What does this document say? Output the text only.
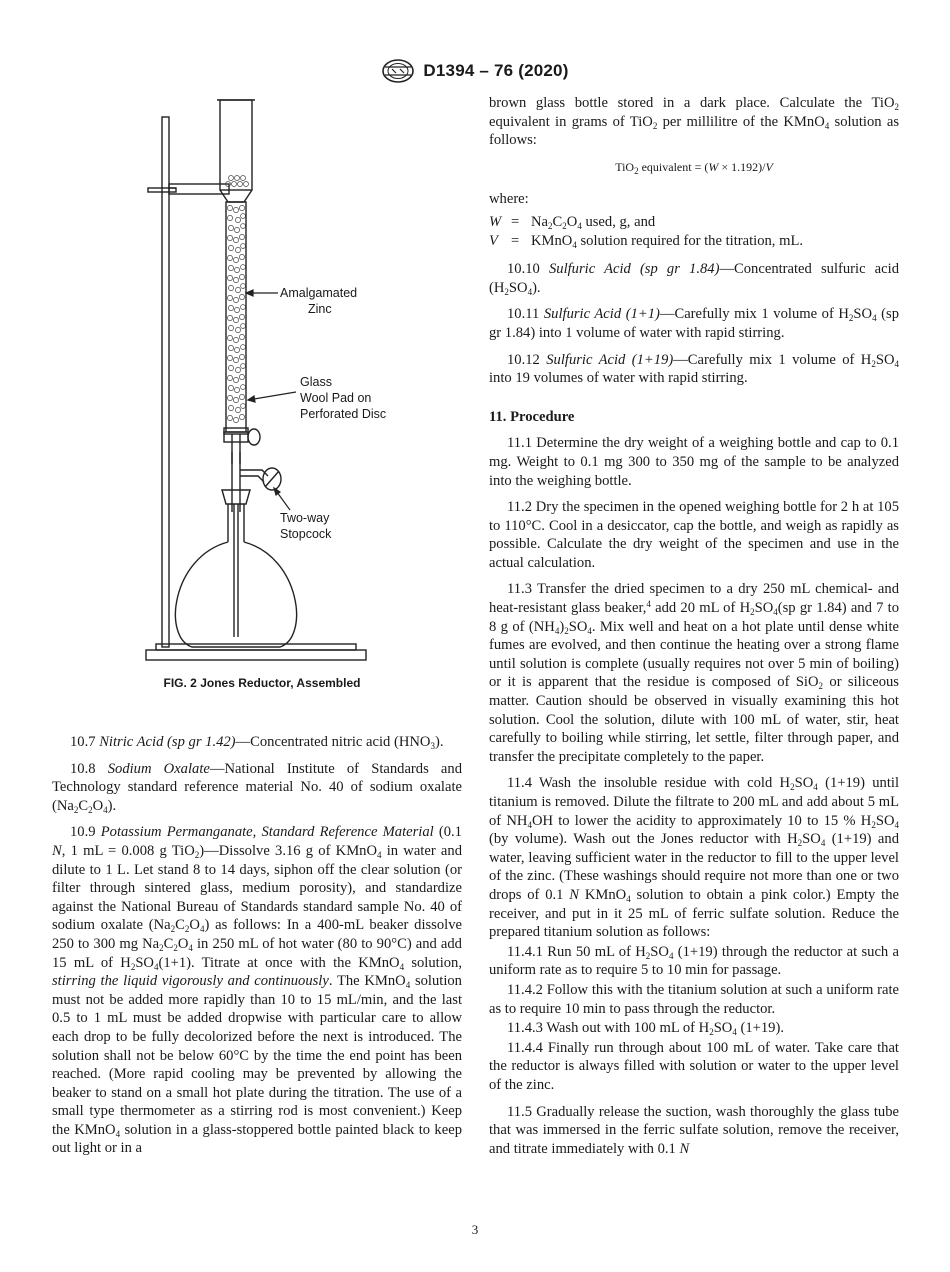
D1394 – 76 (2020)
Amalgamated
Zinc
Glass
Wool Pad on
Perforated Disc
Two-way
Stopcock
FIG. 2 Jones Reductor, Assembled

10.7 Nitric Acid (sp gr 1.42)—Concentrated nitric acid $(HNO_3)$.

10.8 Sodium Oxalate—National Institute of Standards and Technology standard reference material No. 40 of sodium oxalate $(Na_2C_2O_4)$.

10.9 Potassium Permanganate, Standard Reference Material (0.1 N, 1 mL = 0.008 g TiO$_2$)—Dissolve 3.16 g of KMnO$_4$ in water and dilute to 1 L. Let stand 8 to 14 days, siphon off the clear solution (or filter through sintered glass, medium porosity), and standardize against the National Bureau of Standards standard sample No. 40 of sodium oxalate $(Na_2C_2O_4)$ as follows: In a 400-mL beaker dissolve 250 to 300 mg $Na_2C_2O_4$ in 250 mL of hot water (80 to 90°C) and add 15 mL of $H_2SO_4(1+1)$. Titrate at once with the KMnO$_4$ solution, stirring the liquid vigorously and continuously. The KMnO$_4$ solution must not be added more rapidly than 10 to 15 mL/min, and the last 0.5 to 1 mL must be added dropwise with particular care to allow each drop to be fully decolorized before the next is introduced. The solution shall not be below 60°C by the time the end point has been reached. (More rapid cooling may be prevented by allowing the beaker to stand on a small hot plate during the titration. The use of a small type thermometer as a stirring rod is most convenient.) Keep the KMnO$_4$ solution in a glass-stoppered bottle painted black to keep out light or in a

brown glass bottle stored in a dark place. Calculate the TiO$_2$ equivalent in grams of TiO$_2$ per millilitre of the KMnO$_4$ solution as follows:

TiO$_2$ equivalent = (W × 1.192)/V
where:
$W = Na_2C_2O_4$ used, g, and
V = KMnO$_4$ solution required for the titration, mL.

10.10 Sulfuric Acid (sp gr 1.84)—Concentrated sulfuric acid $(H_2SO_4)$.

10.11 Sulfuric Acid (1+1)—Carefully mix 1 volume of $H_2SO_4$ (sp gr 1.84) into 1 volume of water with rapid stirring.

10.12 Sulfuric Acid (1+19)—Carefully mix 1 volume of $H_2SO_4$ into 19 volumes of water with rapid stirring.

11. Procedure

11.1 Determine the dry weight of a weighing bottle and cap to 0.1 mg. Weight to 0.1 mg 300 to 350 mg of the sample to be analyzed into the weighing bottle.

11.2 Dry the specimen in the opened weighing bottle for 2 h at 105 to 110°C. Cool in a desiccator, cap the bottle, and weigh as rapidly as possible. Calculate the dry weight of the specimen and use in the actual calculation.

11.3 Transfer the dried specimen to a dry 250 mL chemical- and heat-resistant glass beaker,$^4$ add 20 mL of $H_2SO_4(sp$ gr 1.84) and 7 to 8 g of $(NH_4)_2SO_4$. Mix well and heat on a hot plate until dense white fumes are evolved, and then continue the heating over a strong flame until solution is complete (usually requires not over 5 min of boiling) or it is apparent that the residue is composed of SiO$_2$ or siliceous matter. Caution should be observed in visually examining this hot solution. Cool the solution, dilute with 100 mL of water, stir, heat carefully to boiling while stirring, let settle, filter through paper, and transfer the precipitate completely to the paper.

11.4 Wash the insoluble residue with cold $H_2SO_4$ (1+19) until titanium is removed. Dilute the filtrate to 200 mL and add about 5 mL of $NH_4OH$ to lower the acidity to approximately 10 to 15 % $H_2SO_4$ (by volume). Wash out the Jones reductor with $H_2SO_4$ (1+19) and water, leaving sufficient water in the reductor to fill to the upper level of the zinc. (These washings should require not more than one or two drops of 0.1 N KMnO$_4$ solution to obtain a pink color.) Empty the receiver, and put in it 25 mL of ferric sulfate solution. Reduce the prepared titanium solution as follows:

11.4.1 Run 50 mL of $H_2SO_4$ (1+19) through the reductor at such a uniform rate as to require 5 to 10 min for passage.

11.4.2 Follow this with the titanium solution at such a uniform rate as to require 10 min to pass through the reductor.

11.4.3 Wash out with 100 mL of $H_2SO_4$ (1+19).

11.4.4 Finally run through about 100 mL of water. Take care that the reductor is always filled with solution or water to the upper level of the zinc.

11.5 Gradually release the suction, wash thoroughly the glass tube that was immersed in the ferric sulfate solution, remove the receiver, and titrate immediately with 0.1 N

3
